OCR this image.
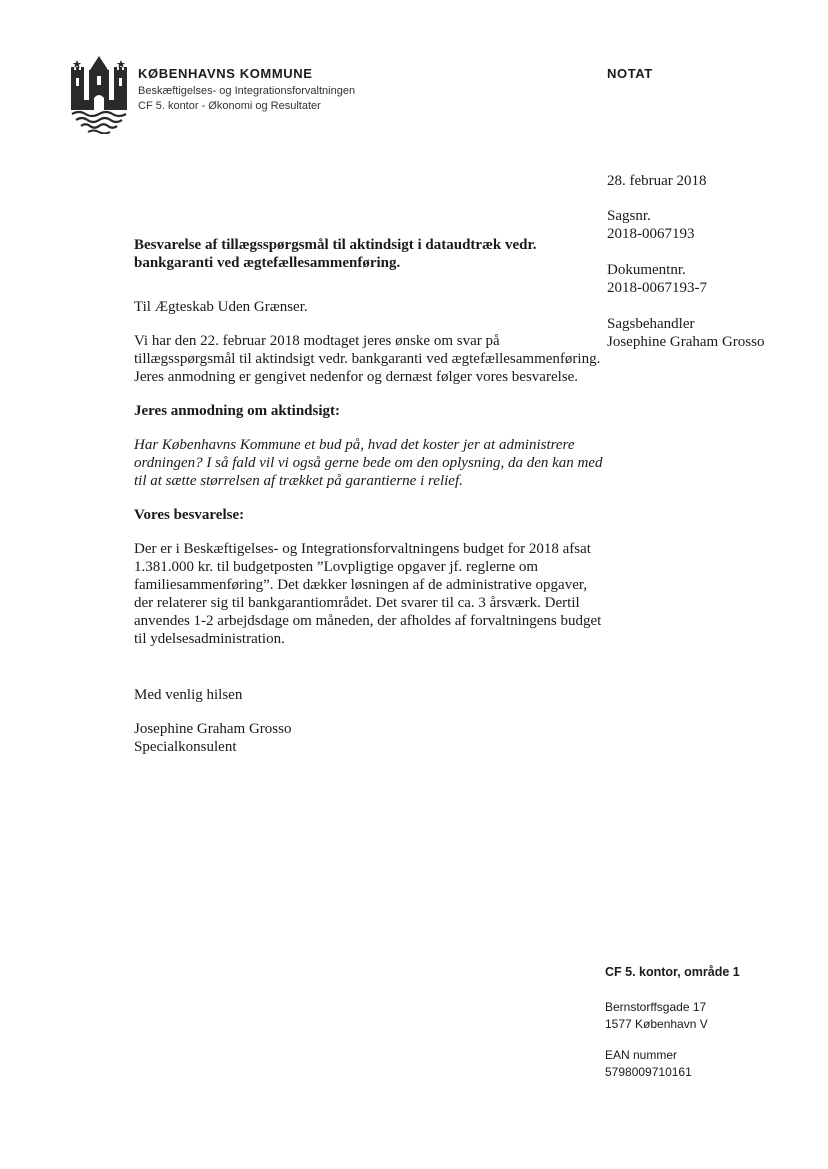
KØBENHAVNS KOMMUNE
Beskæftigelses- og Integrationsforvaltningen
CF 5. kontor - Økonomi og Resultater
NOTAT
28. februar 2018
Sagsnr.
2018-0067193
Dokumentnr.
2018-0067193-7
Sagsbehandler
Josephine Graham Grosso
Besvarelse af tillægsspørgsmål til aktindsigt i dataudtræk vedr. bankgaranti ved ægtefællesammenføring.

Til Ægteskab Uden Grænser.

Vi har den 22. februar 2018 modtaget jeres ønske om svar på tillægsspørgsmål til aktindsigt vedr. bankgaranti ved ægtefællesammenføring. Jeres anmodning er gengivet nedenfor og dernæst følger vores besvarelse.

Jeres anmodning om aktindsigt:

Har Københavns Kommune et bud på, hvad det koster jer at administrere ordningen? I så fald vil vi også gerne bede om den oplysning, da den kan med til at sætte størrelsen af trækket på garantierne i relief.

Vores besvarelse:

Der er i Beskæftigelses- og Integrationsforvaltningens budget for 2018 afsat 1.381.000 kr. til budgetposten ”Lovpligtige opgaver jf. reglerne om familiesammenføring”. Det dækker løsningen af de administrative opgaver, der relaterer sig til bankgarantiområdet. Det svarer til ca. 3 årsværk. Dertil anvendes 1-2 arbejdsdage om måneden, der afholdes af forvaltningens budget til ydelsesadministration.

Med venlig hilsen

Josephine Graham Grosso
Specialkonsulent
CF 5. kontor, område 1
Bernstorffsgade 17
1577 København V
EAN nummer
5798009710161
